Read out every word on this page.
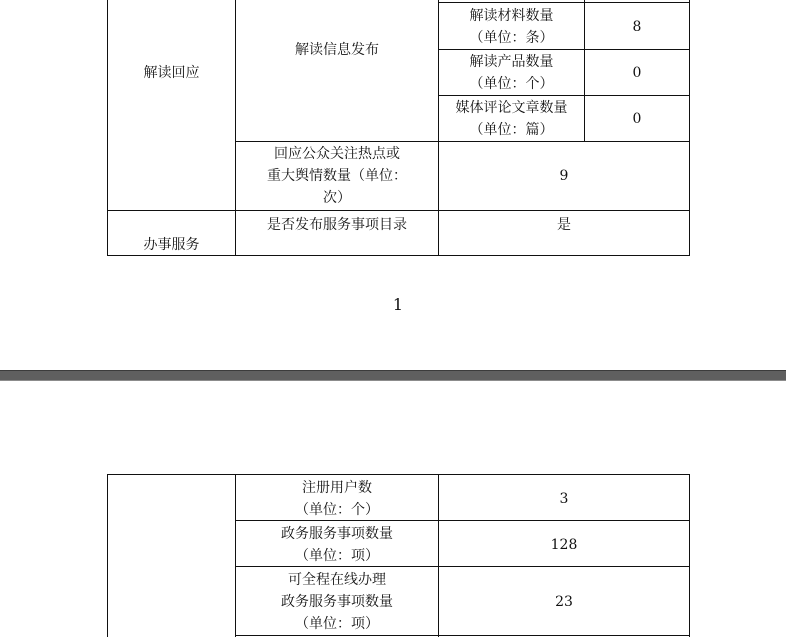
解读回应
解读信息发布
解读材料数量
（单位：条）
8
解读产品数量
（单位：个）
0
媒体评论文章数量
（单位：篇）
0
回应公众关注热点或
重大舆情数量（单位：
次）
9
办事服务
是否发布服务事项目录	是
1
注册用户数
（单位：个）
3
政务服务事项数量
（单位：项）
128
可全程在线办理
政务服务事项数量
（单位：项）
23
